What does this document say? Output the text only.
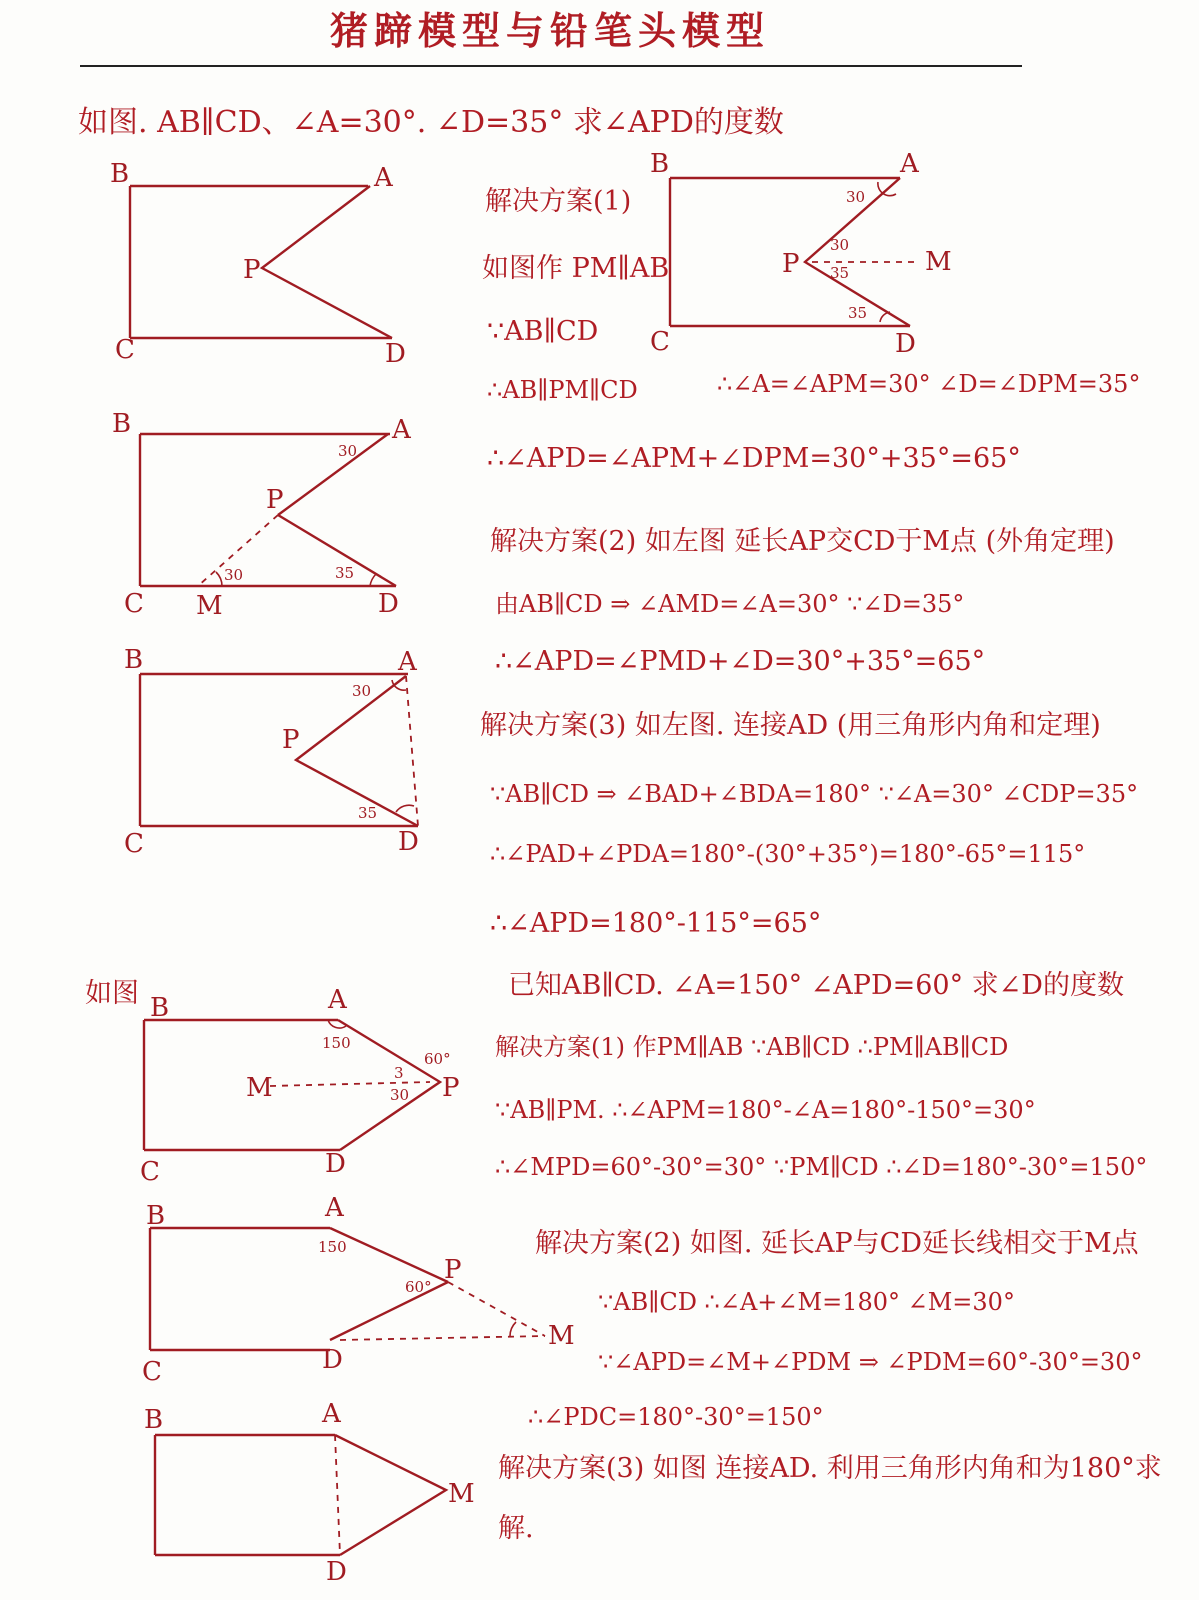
猪蹄模型与铅笔头模型
如图. AB∥CD、∠A=30°. ∠D=35° 求∠APD的度数
解决方案(1)
如图作 PM∥AB
∵AB∥CD
∴AB∥PM∥CD	∴∠A=∠APM=30° ∠D=∠DPM=35°
∴∠APD=∠APM+∠DPM=30°+35°=65°
解决方案(2) 如左图 延长AP交CD于M点 (外角定理)
由AB∥CD ⇒ ∠AMD=∠A=30° ∵∠D=35°
∴∠APD=∠PMD+∠D=30°+35°=65°
解决方案(3) 如左图. 连接AD (用三角形内角和定理)
∵AB∥CD ⇒ ∠BAD+∠BDA=180° ∵∠A=30° ∠CDP=35°
∴∠PAD+∠PDA=180°-(30°+35°)=180°-65°=115°
∴∠APD=180°-115°=65°
如图	已知AB∥CD. ∠A=150° ∠APD=60° 求∠D的度数
解决方案(1) 作PM∥AB ∵AB∥CD ∴PM∥AB∥CD
∵AB∥PM. ∴∠APM=180°-∠A=180°-150°=30°
∴∠MPD=60°-30°=30° ∵PM∥CD ∴∠D=180°-30°=150°
解决方案(2) 如图. 延长AP与CD延长线相交于M点
∵AB∥CD ∴∠A+∠M=180° ∠M=30°
∵∠APD=∠M+∠PDM ⇒ ∠PDM=60°-30°=30°
∴∠PDC=180°-30°=150°
解决方案(3) 如图 连接AD. 利用三角形内角和为180°求
解.
B	A
P
C	D
B	A
P	M
C	D
30
30
35
35
B	A
P
C M	D
30
30	35
B	A
P
C	D
30
35
B	A
M	P
C	D
150
60°
3
30
B	A
P
M
C	D
150
60°
B	A
M
D
